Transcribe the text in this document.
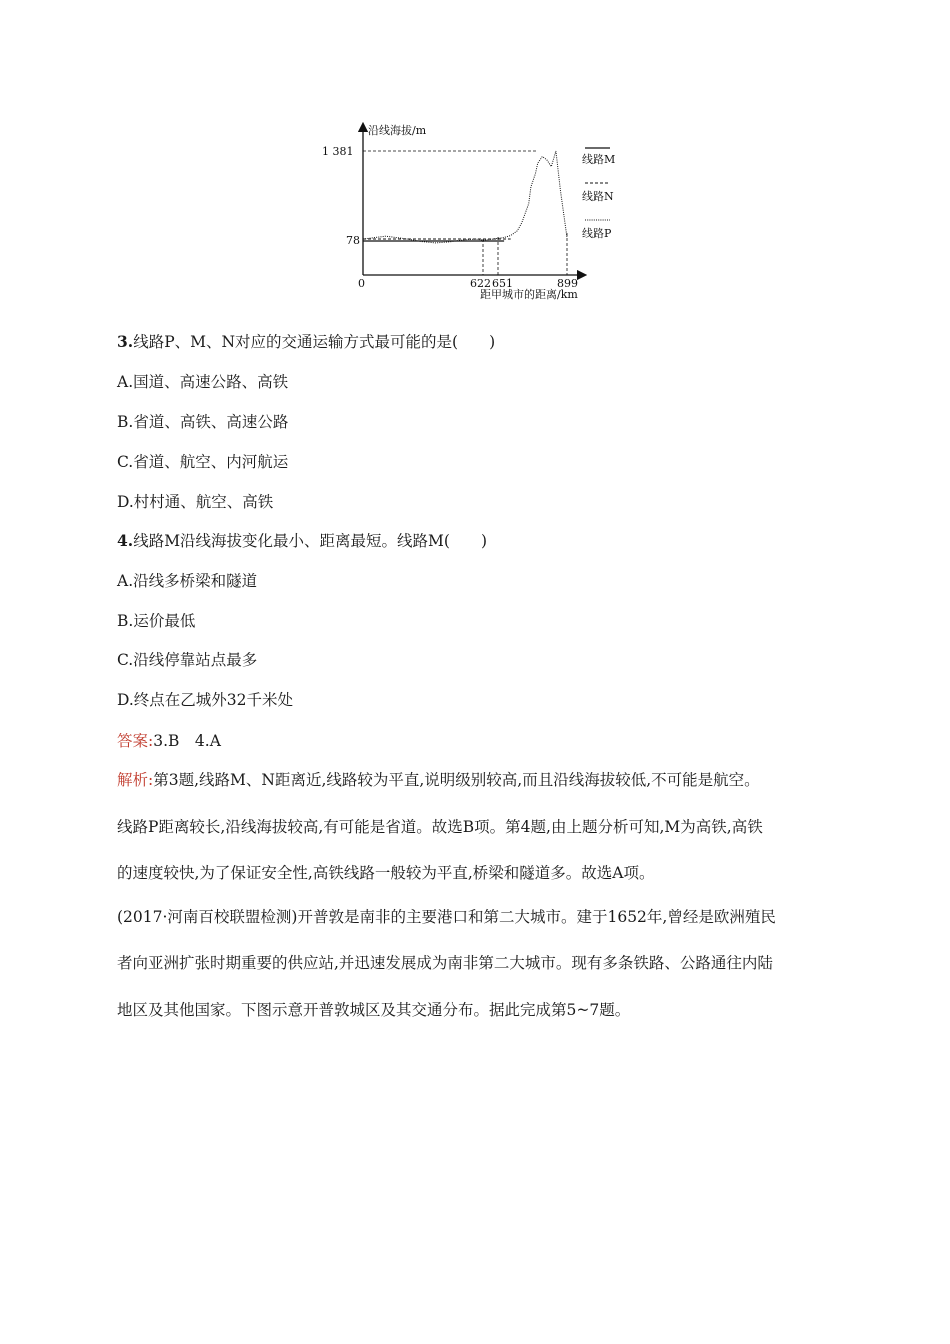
沿线海拔/m
距甲城市的距离/km
1 381
78
0	622 651	899
线路M
线路N
线路P
3.线路P、M、N对应的交通运输方式最可能的是(　　)
A.国道、高速公路、高铁
B.省道、高铁、高速公路
C.省道、航空、内河航运
D.村村通、航空、高铁
4.线路M沿线海拔变化最小、距离最短。线路M(　　)
A.沿线多桥梁和隧道
B.运价最低
C.沿线停靠站点最多
D.终点在乙城外32千米处
答案:3.B　4.A
解析:第3题,线路M、N距离近,线路较为平直,说明级别较高,而且沿线海拔较低,不可能是航空。
线路P距离较长,沿线海拔较高,有可能是省道。故选B项。第4题,由上题分析可知,M为高铁,高铁
的速度较快,为了保证安全性,高铁线路一般较为平直,桥梁和隧道多。故选A项。
(2017·河南百校联盟检测)开普敦是南非的主要港口和第二大城市。建于1652年,曾经是欧洲殖民
者向亚洲扩张时期重要的供应站,并迅速发展成为南非第二大城市。现有多条铁路、公路通往内陆
地区及其他国家。下图示意开普敦城区及其交通分布。据此完成第5~7题。
